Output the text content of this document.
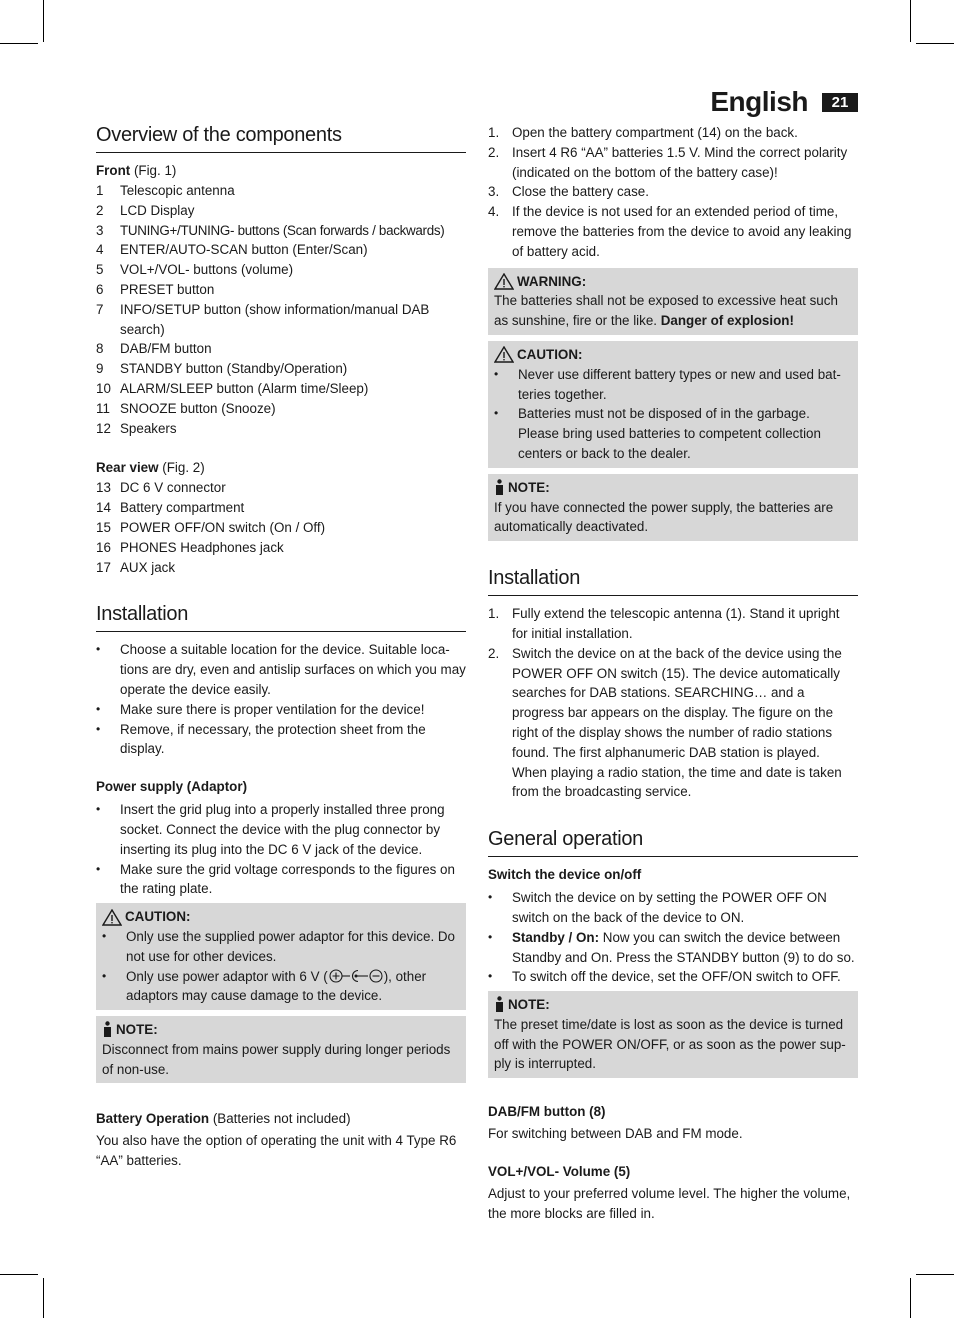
English	21
Overview of the components
Front (Fig. 1)
1	Telescopic antenna
2	LCD Display
3	TUNING+/TUNING- buttons (Scan forwards / backwards)
4	ENTER/AUTO-SCAN button (Enter/Scan)
5	VOL+/VOL- buttons (volume)
6	PRESET button
7	INFO/SETUP button (show information/manual DAB search)
8	DAB/FM button
9	STANDBY button (Standby/Operation)
10 ALARM/SLEEP button (Alarm time/Sleep)
11 SNOOZE button (Snooze)
12 Speakers
Rear view (Fig. 2)
13 DC 6 V connector
14 Battery compartment
15 POWER OFF/ON switch (On / Off)
16 PHONES Headphones jack
17 AUX jack
Installation
•	Choose a suitable location for the device. Suitable loca-tions are dry, even and antislip surfaces on which you may operate the device easily.
•	Make sure there is proper ventilation for the device!
•	Remove, if necessary, the protection sheet from the display.
Power supply (Adaptor)
•	Insert the grid plug into a properly installed three prong socket. Connect the device with the plug connector by inserting its plug into the DC 6 V jack of the device.
•	Make sure the grid voltage corresponds to the figures on the rating plate.
CAUTION:
•	Only use the supplied power adaptor for this device. Do not use for other devices.
•	Only use power adaptor with 6 V (	), other adaptors may cause damage to the device.
NOTE:

Disconnect from mains power supply during longer periods of non-use.

Battery Operation (Batteries not included)

You also have the option of operating the unit with 4 Type R6 “AA” batteries.

1. Open the battery compartment (14) on the back.
2. Insert 4 R6 “AA” batteries 1.5 V. Mind the correct polarity (indicated on the bottom of the battery case)!
3. Close the battery case.
4. If the device is not used for an extended period of time, remove the batteries from the device to avoid any leaking of battery acid.
WARNING:

The batteries shall not be exposed to excessive heat such as sunshine, fire or the like. Danger of explosion!

CAUTION:
•	Never use different battery types or new and used bat-teries together.
•	Batteries must not be disposed of in the garbage. Please bring used batteries to competent collection centers or back to the dealer.
NOTE:

If you have connected the power supply, the batteries are automatically deactivated.

Installation
1. Fully extend the telescopic antenna (1). Stand it upright for initial installation.
2. Switch the device on at the back of the device using the POWER OFF ON switch (15). The device automatically searches for DAB stations. SEARCHING… and a progress bar appears on the display. The figure on the right of the display shows the number of radio stations found. The first alphanumeric DAB station is played.
When playing a radio station, the time and date is taken from the broadcasting service.
General operation
Switch the device on/off
•	Switch the device on by setting the POWER OFF ON switch on the back of the device to ON.
•	Standby / On: Now you can switch the device between Standby and On. Press the STANDBY button (9) to do so.
•	To switch off the device, set the OFF/ON switch to OFF.
NOTE:

The preset time/date is lost as soon as the device is turned off with the POWER ON/OFF, or as soon as the power sup-ply is interrupted.

DAB/FM button (8)

For switching between DAB and FM mode.

VOL+/VOL- Volume (5)

Adjust to your preferred volume level. The higher the volume, the more blocks are filled in.
